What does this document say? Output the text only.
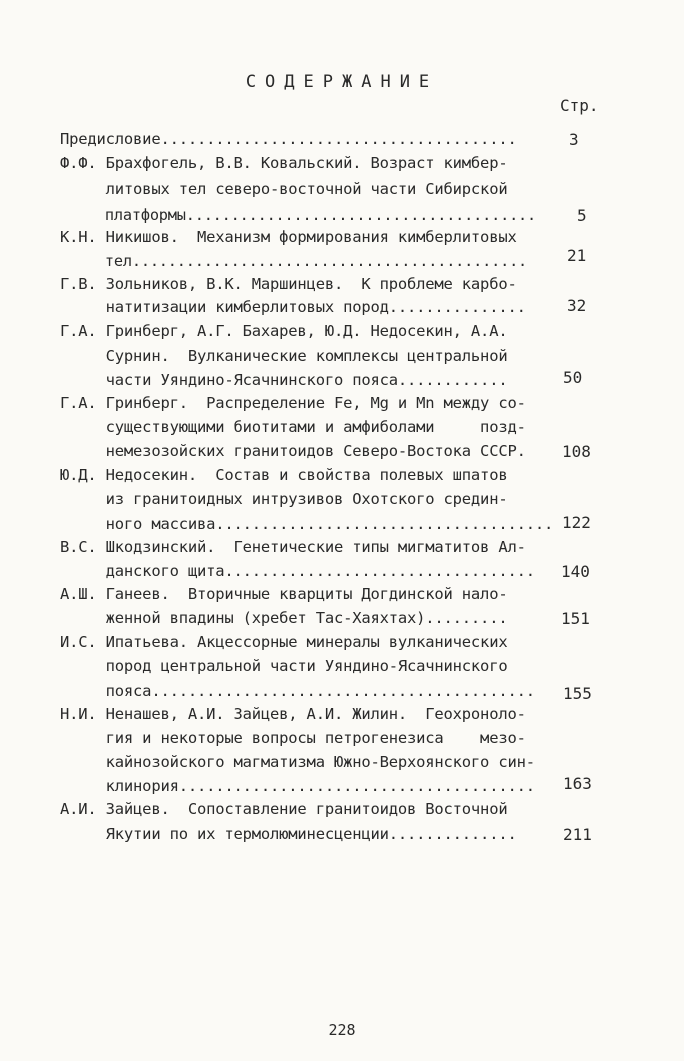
СОДЕРЖАНИЕ
Стр.
Предисловие....................................... 3
Ф.Ф. Брахфогель, В.В. Ковальский. Возраст кимбер-
литовых тел северо-восточной части Сибирской
платформы....................................... 5
К.Н. Никишов.  Механизм формирования кимберлитовых
тел............................................ 21
Г.В. Зольников, В.К. Маршинцев.  К проблеме карбо-
натитизации кимберлитовых пород............... 32
Г.А. Гринберг, А.Г. Бахарев, Ю.Д. Недосекин, А.А.
Сурнин.  Вулканические комплексы центральной
части Уяндино-Ясачнинского пояса............ 50
Г.А. Гринберг.  Распределение Fe, Mg и Mn между со-
существующими биотитами и амфиболами     позд-
немезозойских гранитоидов Северо-Востока СССР. 108
Ю.Д. Недосекин.  Состав и свойства полевых шпатов
из гранитоидных интрузивов Охотского средин-
ного массива..................................... 122
В.С. Шкодзинский.  Генетические типы мигматитов Ал-
данского щита.................................. 140
А.Ш. Ганеев.  Вторичные кварциты Догдинской нало-
женной впадины (хребет Тас-Хаяхтах)......... 151
И.С. Ипатьева. Акцессорные минералы вулканических
пород центральной части Уяндино-Ясачнинского
пояса.......................................... 155
Н.И. Ненашев, А.И. Зайцев, А.И. Жилин.  Геохроноло-
гия и некоторые вопросы петрогенезиса    мезо-
кайнозойского магматизма Южно-Верхоянского син-
клинория....................................... 163
А.И. Зайцев.  Сопоставление гранитоидов Восточной
Якутии по их термолюминесценции.............. 211
228
